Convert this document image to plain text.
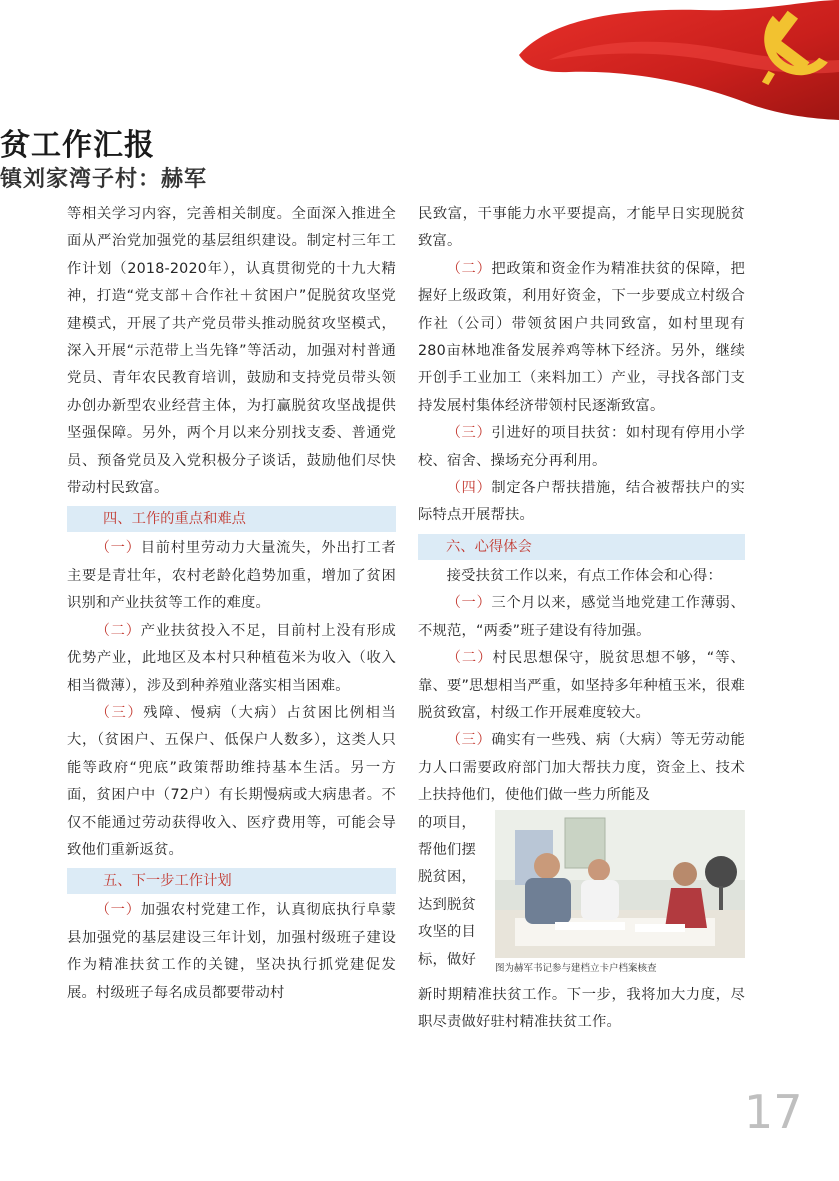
贫工作汇报
镇刘家湾子村：赫军

等相关学习内容，完善相关制度。全面深入推进全面从严治党加强党的基层组织建设。制定村三年工作计划（2018-2020年），认真贯彻党的十九大精神，打造“党支部＋合作社＋贫困户”促脱贫攻坚党建模式，开展了共产党员带头推动脱贫攻坚模式，深入开展“示范带上当先锋”等活动，加强对村普通党员、青年农民教育培训，鼓励和支持党员带头领办创办新型农业经营主体，为打赢脱贫攻坚战提供坚强保障。另外，两个月以来分别找支委、普通党员、预备党员及入党积极分子谈话，鼓励他们尽快带动村民致富。

四、工作的重点和难点

（一）目前村里劳动力大量流失，外出打工者主要是青壮年，农村老龄化趋势加重，增加了贫困识别和产业扶贫等工作的难度。

（二）产业扶贫投入不足，目前村上没有形成优势产业，此地区及本村只种植苞米为收入（收入相当微薄），涉及到种养殖业落实相当困难。

（三）残障、慢病（大病）占贫困比例相当大，（贫困户、五保户、低保户人数多），这类人只能等政府“兜底”政策帮助维持基本生活。另一方面，贫困户中（72户）有长期慢病或大病患者。不仅不能通过劳动获得收入、医疗费用等，可能会导致他们重新返贫。

五、下一步工作计划

（一）加强农村党建工作，认真彻底执行阜蒙县加强党的基层建设三年计划，加强村级班子建设作为精准扶贫工作的关键，坚决执行抓党建促发展。村级班子每名成员都要带动村

民致富，干事能力水平要提高，才能早日实现脱贫致富。

（二）把政策和资金作为精准扶贫的保障，把握好上级政策，利用好资金，下一步要成立村级合作社（公司）带领贫困户共同致富，如村里现有280亩林地准备发展养鸡等林下经济。另外，继续开创手工业加工（来料加工）产业，寻找各部门支持发展村集体经济带领村民逐渐致富。

（三）引进好的项目扶贫：如村现有停用小学校、宿舍、操场充分再利用。

（四）制定各户帮扶措施，结合被帮扶户的实际特点开展帮扶。

六、心得体会

接受扶贫工作以来，有点工作体会和心得：

（一）三个月以来，感觉当地党建工作薄弱、不规范，“两委”班子建设有待加强。

（二）村民思想保守，脱贫思想不够，“等、靠、要”思想相当严重，如坚持多年种植玉米，很难脱贫致富，村级工作开展难度较大。

（三）确实有一些残、病（大病）等无劳动能力人口需要政府部门加大帮扶力度，资金上、技术上扶持他们，使他们做一些力所能及

的项目，
帮他们摆
脱贫困，
达到脱贫
攻坚的目
标，做好
图为赫军书记参与建档立卡户档案核查

新时期精准扶贫工作。下一步，我将加大力度，尽职尽责做好驻村精准扶贫工作。

17
